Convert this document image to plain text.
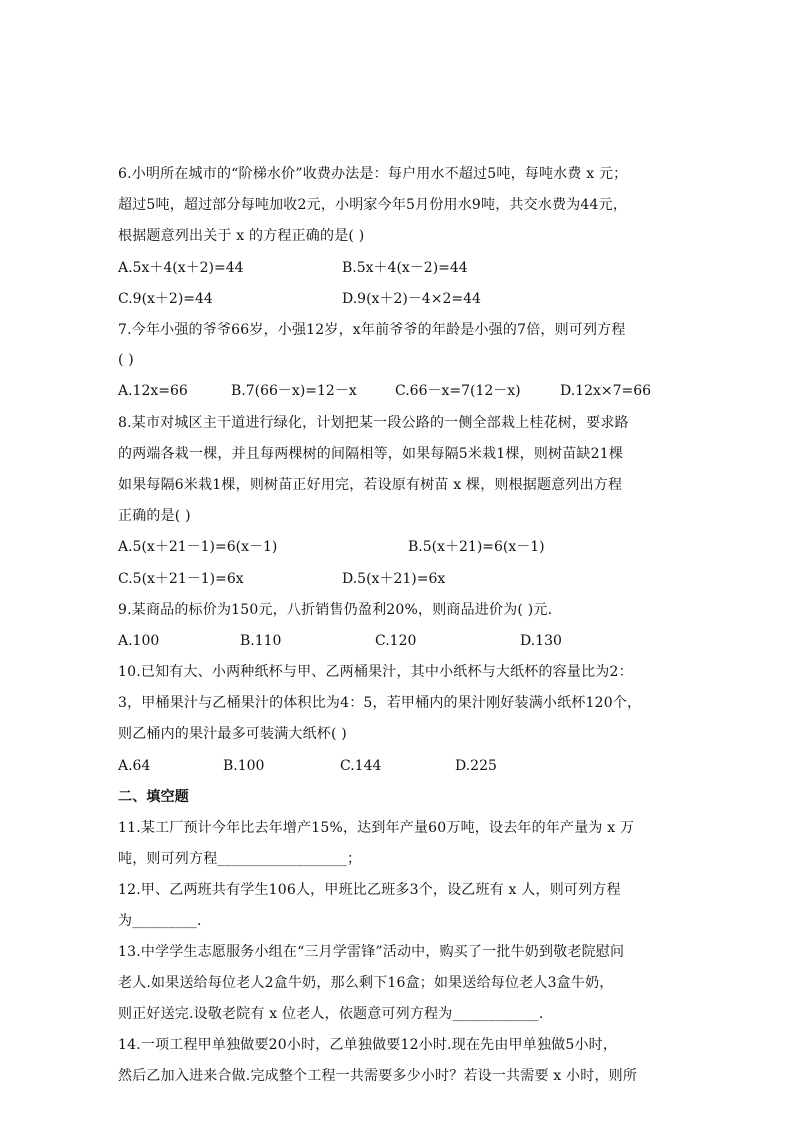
6.小明所在城市的“阶梯水价”收费办法是：每户用水不超过5吨，每吨水费 x 元；
超过5吨，超过部分每吨加收2元，小明家今年5月份用水9吨，共交水费为44元，
根据题意列出关于 x 的方程正确的是( )
A.5x＋4(x＋2)=44	B.5x＋4(x－2)=44
C.9(x＋2)=44	D.9(x＋2)－4×2=44
7.今年小强的爷爷66岁，小强12岁，x年前爷爷的年龄是小强的7倍，则可列方程
( )
A.12x=66	B.7(66－x)=12－x	C.66－x=7(12－x)	D.12x×7=66
8.某市对城区主干道进行绿化，计划把某一段公路的一侧全部栽上桂花树，要求路
的两端各栽一棵，并且每两棵树的间隔相等，如果每隔5米栽1棵，则树苗缺21棵
如果每隔6米栽1棵，则树苗正好用完，若设原有树苗 x 棵，则根据题意列出方程
正确的是( )
A.5(x＋21－1)=6(x－1)	B.5(x＋21)=6(x－1)
C.5(x＋21－1)=6x	D.5(x＋21)=6x
9.某商品的标价为150元，八折销售仍盈利20%，则商品进价为( )元.
A.100	B.110	C.120	D.130
10.已知有大、小两种纸杯与甲、乙两桶果汁，其中小纸杯与大纸杯的容量比为2：
3，甲桶果汁与乙桶果汁的体积比为4：5，若甲桶内的果汁刚好装满小纸杯120个，
则乙桶内的果汁最多可装满大纸杯( )
A.64	B.100	C.144	D.225
二、填空题
11.某工厂预计今年比去年增产15%，达到年产量60万吨，设去年的年产量为 x 万
吨，则可列方程__________________；
12.甲、乙两班共有学生106人，甲班比乙班多3个，设乙班有 x 人，则可列方程
为_________.
13.中学学生志愿服务小组在“三月学雷锋”活动中，购买了一批牛奶到敬老院慰问
老人.如果送给每位老人2盒牛奶，那么剩下16盒；如果送给每位老人3盒牛奶，
则正好送完.设敬老院有 x 位老人，依题意可列方程为____________.
14.一项工程甲单独做要20小时，乙单独做要12小时.现在先由甲单独做5小时，
然后乙加入进来合做.完成整个工程一共需要多少小时？若设一共需要 x 小时，则所
